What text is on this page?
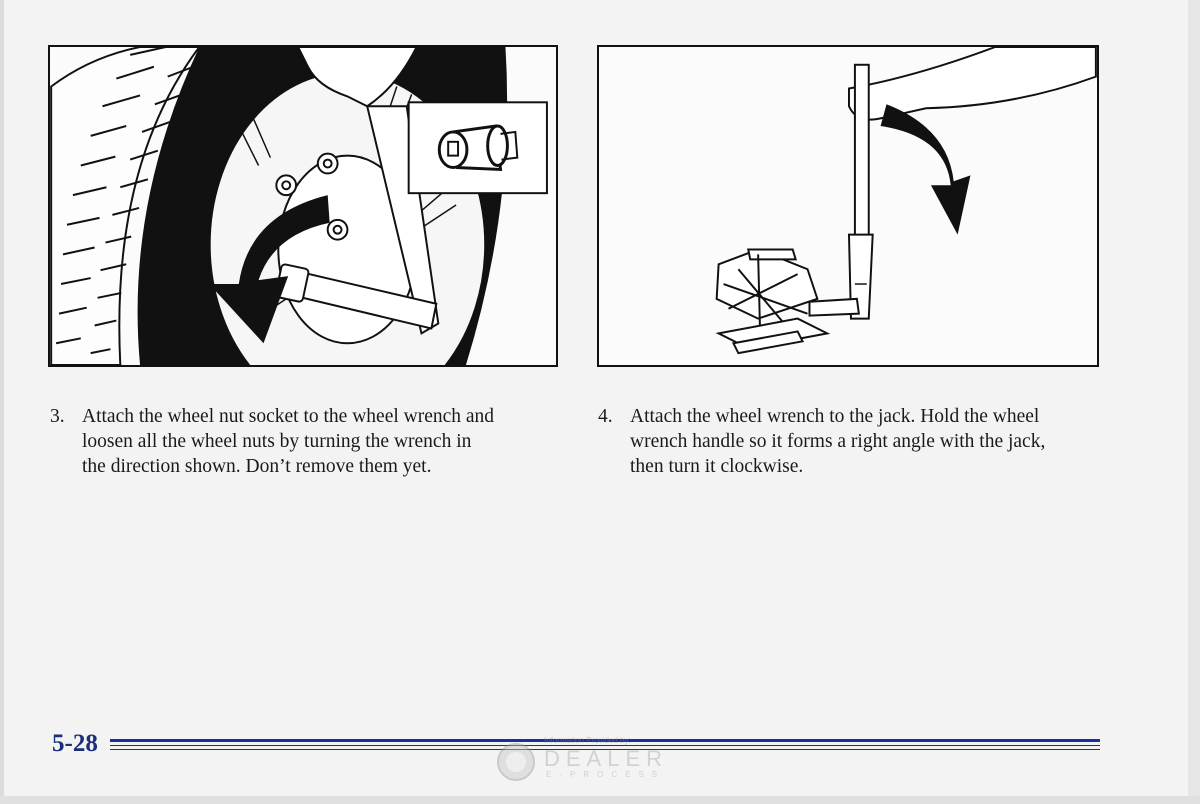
3. Attach the wheel nut socket to the wheel wrench and
loosen all the wheel nuts by turning the wrench in
the direction shown. Don’t remove them yet.
4. Attach the wheel wrench to the jack. Hold the wheel
wrench handle so it forms a right angle with the jack,
then turn it clockwise.
5-28	Information Provided by:
DEALER
E-PROCESS
